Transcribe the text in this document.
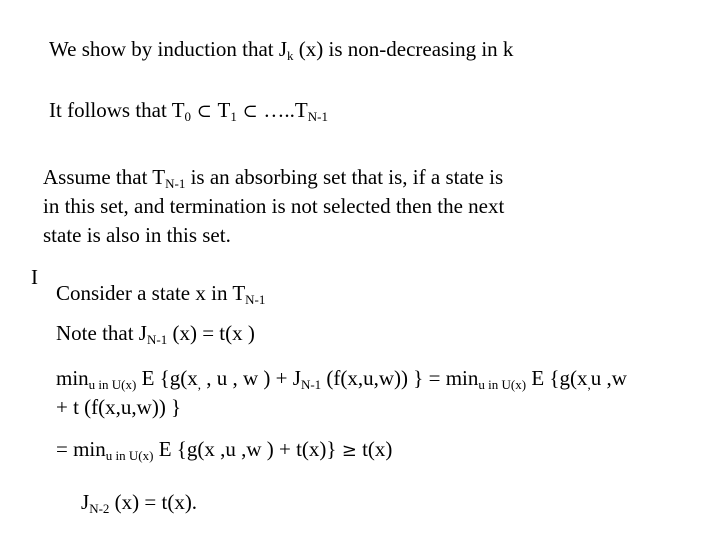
We show by induction that $J_k$ (x) is non-decreasing in k
It follows that $T_0$ ⊂ $T_1$ ⊂ $\dots..T_{N-1}$
Assume that $T_{N-1}$ is an absorbing set that is, if a state is
in this set, and termination is not selected then the next
state is also in this set.
I
Consider a state x in $T_{N-1}$
Note that $J_{N-1}$ (x) = t(x )
$\min_{u in U(x)} E$ {$g(x_,$ , u , w ) + $J_{N-1}$ (f(x,u,w)) } = $\min_{u in U(x)} E$ {$g(x_,u$ ,w
+ t (f(x,u,w)) }
= $\min_{u in U(x)} E$ {g(x ,u ,w ) + t(x)} ≥ t(x)
$J_{N-2}$ (x) = t(x).
